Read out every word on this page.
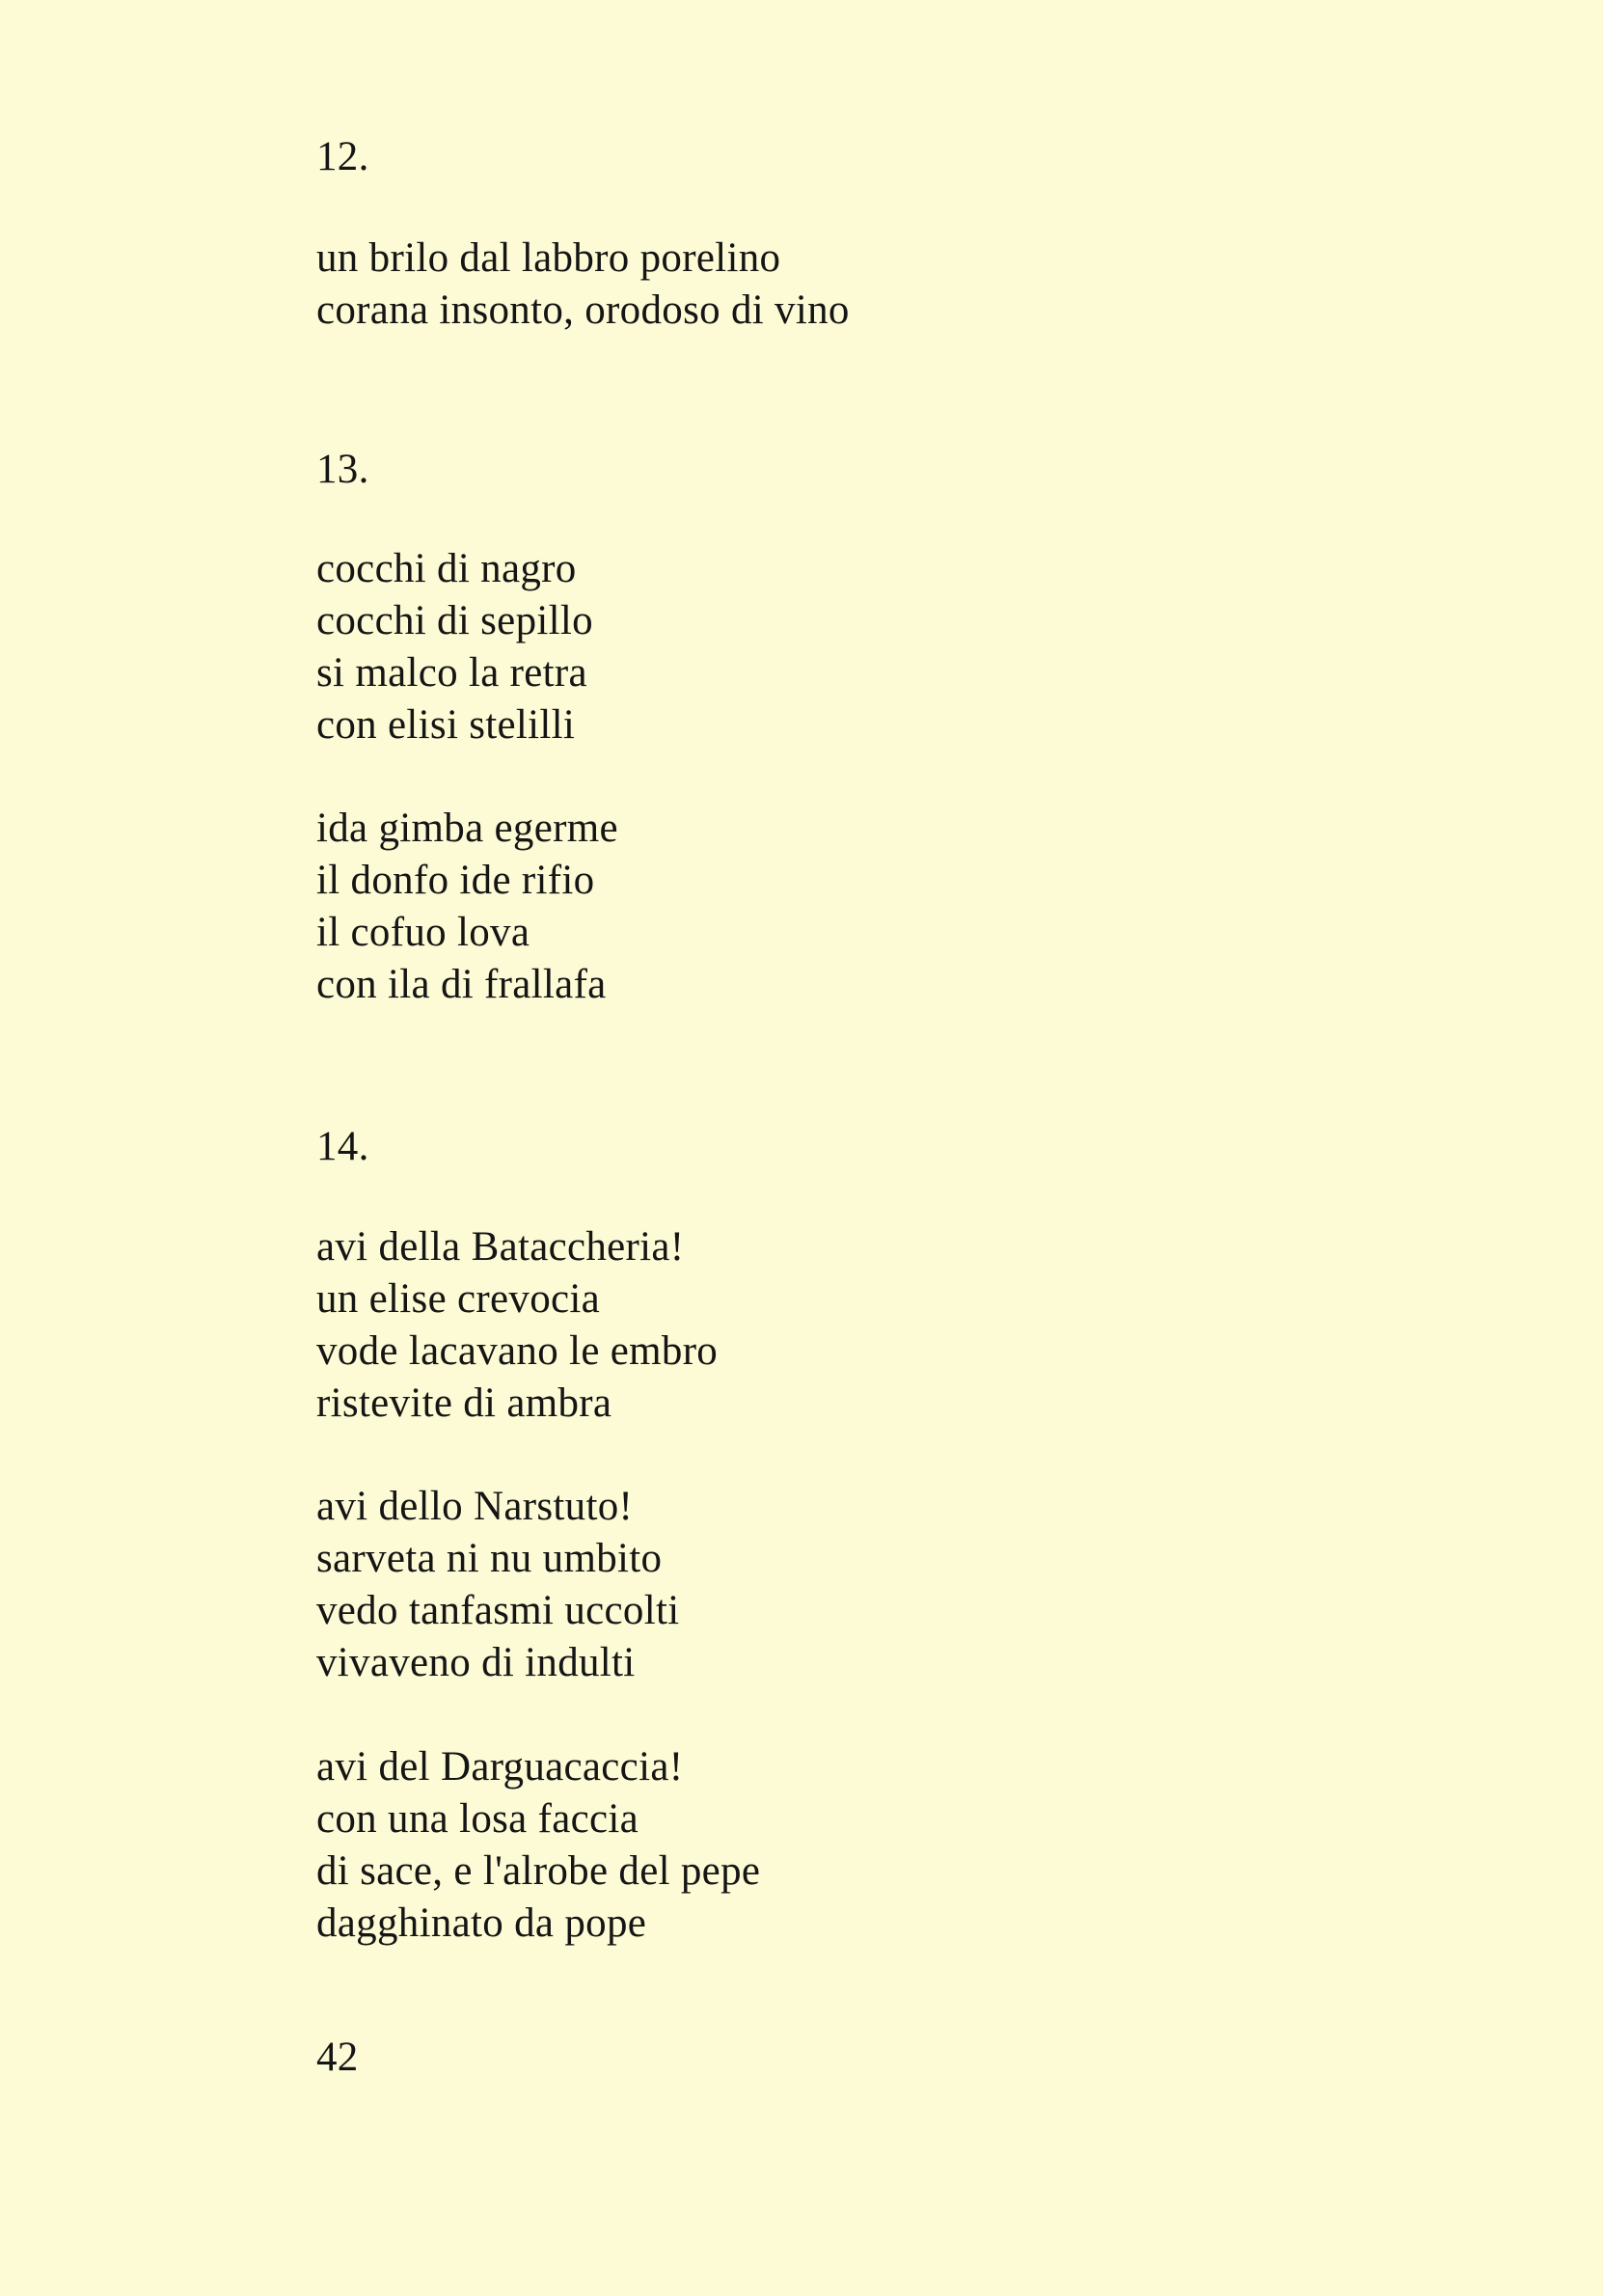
12.
un brilo dal labbro porelino
corana insonto, orodoso di vino
13.
cocchi di nagro
cocchi di sepillo
si malco la retra
con elisi stelilli
ida gimba egerme
il donfo ide rifio
il cofuo lova
con ila di frallafa
14.
avi della Bataccheria!
un elise crevocia
vode lacavano le embro
ristevite di ambra
avi dello Narstuto!
sarveta ni nu umbito
vedo tanfasmi uccolti
vivaveno di indulti
avi del Darguacaccia!
con una losa faccia
di sace, e l'alrobe del pepe
dagghinato da pope
42
